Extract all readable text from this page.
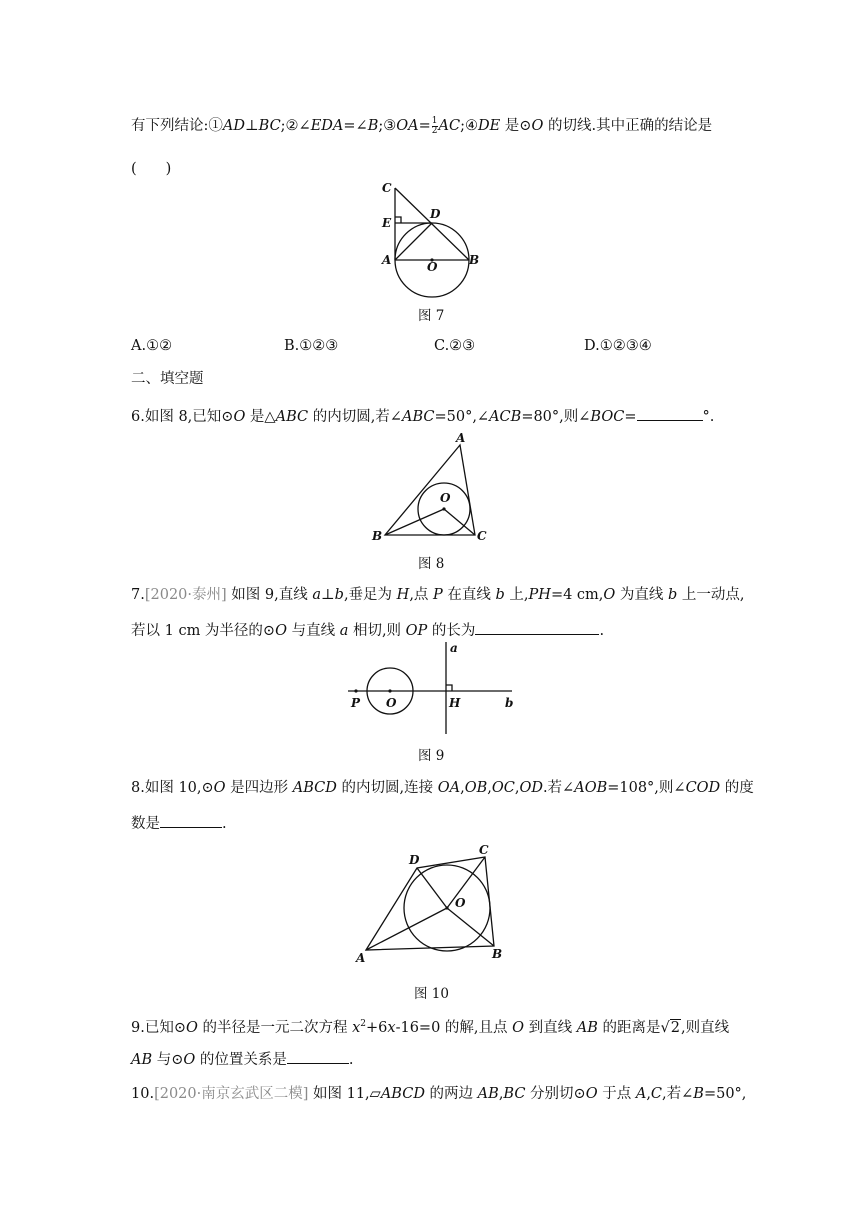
有下列结论:①AD⊥BC;②∠EDA=∠B;③OA= $\frac{1}{2}$ AC;④DE 是⊙O 的切线.其中正确的结论是
(　　)
C
E
D
A	O	B
图 7
A.①②	B.①②③	C.②③	D.①②③④
二、填空题
6.如图 8,已知⊙O 是△ABC 的内切圆,若∠ABC=50°,∠ACB=80°,则∠BOC=	°.
A
O
B	C
图 8
7.[2020·泰州] 如图 9,直线 a⊥b,垂足为 H,点 P 在直线 b 上,PH=4 cm,O 为直线 b 上一动点,
若以 1 cm 为半径的⊙O 与直线 a 相切,则 OP 的长为	.
a
P O	H	b
图 9
8.如图 10,⊙O 是四边形 ABCD 的内切圆,连接 OA,OB,OC,OD.若∠AOB=108°,则∠COD 的度
数是	.
D
C
O
A	B
图 10
9.已知⊙O 的半径是一元二次方程 $x^2+6x-16=0$ 的解,且点 O 到直线 AB 的距离是√2,则直线
AB 与⊙O 的位置关系是	.
10.[2020·南京玄武区二模] 如图 11,▱ABCD 的两边 AB,BC 分别切⊙O 于点 A,C,若∠B=50°,
